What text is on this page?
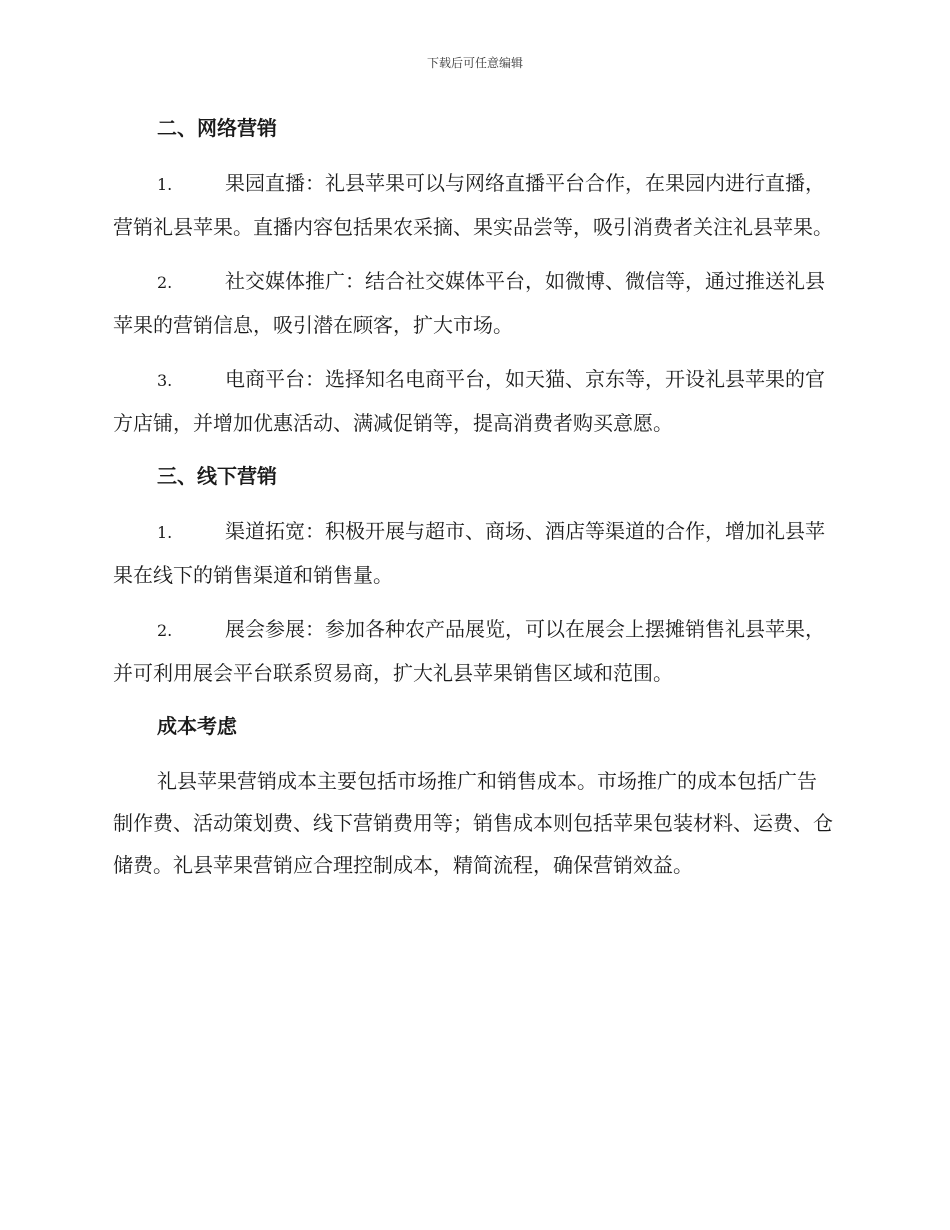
下载后可任意编辑
二、网络营销

1.	果园直播：礼县苹果可以与网络直播平台合作，在果园内进行直播，营销礼县苹果。直播内容包括果农采摘、果实品尝等，吸引消费者关注礼县苹果。

2.	社交媒体推广：结合社交媒体平台，如微博、微信等，通过推送礼县苹果的营销信息，吸引潜在顾客，扩大市场。

3.	电商平台：选择知名电商平台，如天猫、京东等，开设礼县苹果的官方店铺，并增加优惠活动、满减促销等，提高消费者购买意愿。

三、线下营销

1.	渠道拓宽：积极开展与超市、商场、酒店等渠道的合作，增加礼县苹果在线下的销售渠道和销售量。

2.	展会参展：参加各种农产品展览，可以在展会上摆摊销售礼县苹果，并可利用展会平台联系贸易商，扩大礼县苹果销售区域和范围。

成本考虑

礼县苹果营销成本主要包括市场推广和销售成本。市场推广的成本包括广告制作费、活动策划费、线下营销费用等；销售成本则包括苹果包装材料、运费、仓储费。礼县苹果营销应合理控制成本，精简流程，确保营销效益。
